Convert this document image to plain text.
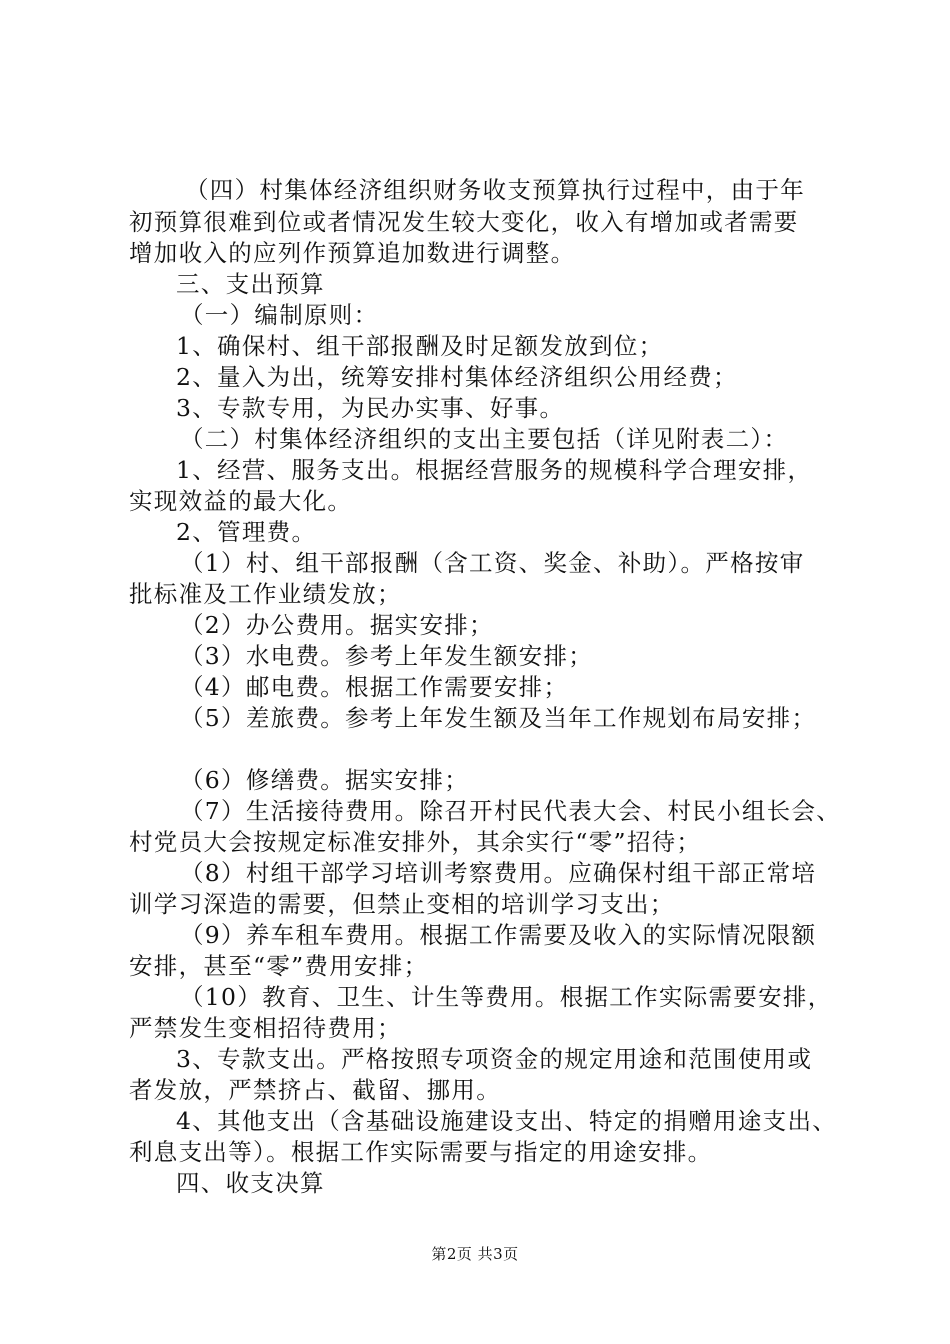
（四）村集体经济组织财务收支预算执行过程中，由于年
初预算很难到位或者情况发生较大变化，收入有增加或者需要
增加收入的应列作预算追加数进行调整。
三、支出预算
（一）编制原则：
1、确保村、组干部报酬及时足额发放到位；
2、量入为出，统筹安排村集体经济组织公用经费；
3、专款专用，为民办实事、好事。
（二）村集体经济组织的支出主要包括（详见附表二）：
1、经营、服务支出。根据经营服务的规模科学合理安排，
实现效益的最大化。
2、管理费。
（1）村、组干部报酬（含工资、奖金、补助）。严格按审
批标准及工作业绩发放；
（2）办公费用。据实安排；
（3）水电费。参考上年发生额安排；
（4）邮电费。根据工作需要安排；
（5）差旅费。参考上年发生额及当年工作规划布局安排；
（6）修缮费。据实安排；
（7）生活接待费用。除召开村民代表大会、村民小组长会、
村党员大会按规定标准安排外，其余实行“零”招待；
（8）村组干部学习培训考察费用。应确保村组干部正常培
训学习深造的需要，但禁止变相的培训学习支出；
（9）养车租车费用。根据工作需要及收入的实际情况限额
安排，甚至“零”费用安排；
（10）教育、卫生、计生等费用。根据工作实际需要安排，
严禁发生变相招待费用；
3、专款支出。严格按照专项资金的规定用途和范围使用或
者发放，严禁挤占、截留、挪用。
4、其他支出（含基础设施建设支出、特定的捐赠用途支出、
利息支出等）。根据工作实际需要与指定的用途安排。
四、收支决算
第2页 共3页
